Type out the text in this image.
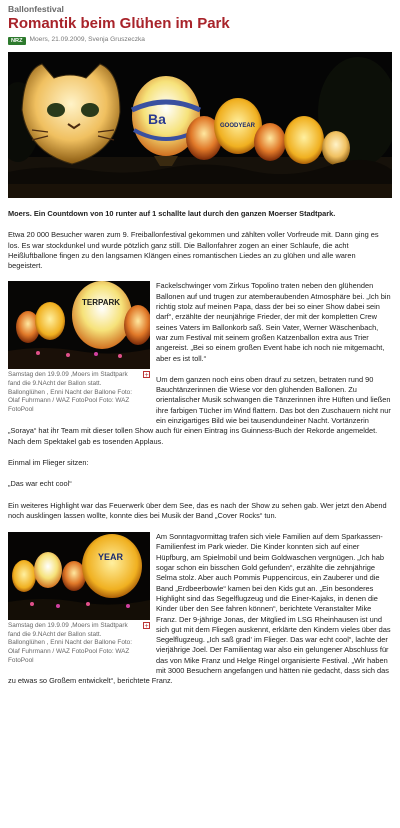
Ballonfestival
Romantik beim Glühen im Park
NRZ	Moers, 21.09.2009, Svenja Gruszeczka
Ba	GOODYEAR

Moers. Ein Countdown von 10 runter auf 1 schallte laut durch den ganzen Moerser Stadtpark.

Etwa 20 000 Besucher waren zum 9. Freiballonfestival gekommen und zählten voller Vorfreude mit. Dann ging es los. Es war stockdunkel und wurde pötzlich ganz still. Die Ballonfahrer zogen an einer Schlaufe, die acht Heißluftballone fingen zu den langsamen Klängen eines romantischen Liedes an zu glühen und alle waren begeistert.

TERPARK
Samstag den 19.9.09 ,Moers im Stadtpark fand die 9.NAcht der Ballon statt. Ballonglühen , Enni Nacht der Ballone Foto: Olaf Fuhrmann / WAZ FotoPool Foto: WAZ FotoPool
+

Fackelschwinger vom Zirkus Topolino traten neben den glühenden Ballonen auf und trugen zur atemberaubenden Atmosphäre bei. „Ich bin richtig stolz auf meinen Papa, dass der bei so einer Show dabei sein darf“, erzählte der neunjährige Frieder, der mit der kompletten Crew seines Vaters im Ballonkorb saß. Sein Vater, Werner Wäschenbach, war zum Festival mit seinem großen Katzenballon extra aus Trier angereist. „Bei so einem großen Event habe ich noch nie mitgemacht, aber es ist toll.“

Um dem ganzen noch eins oben drauf zu setzen, betraten rund 90 Bauchtänzerinnen die Wiese vor den glühenden Ballonen. Zu orientalischer Musik schwangen die Tänzerinnen ihre Hüften und ließen ihre farbigen Tücher im Wind flattern. Das bot den Zuschauern nicht nur ein einzigartiges Bild wie bei tausendundeiner Nacht. Vortänzerin „Soraya“ hat ihr Team mit dieser tollen Show auch für einen Eintrag ins Guinness-Buch der Rekorde angemeldet. Nach dem Spektakel gab es tosenden Applaus.

Einmal im Flieger sitzen:

„Das war echt cool“

Ein weiteres Highlight war das Feuerwerk über dem See, das es nach der Show zu sehen gab. Wer jetzt den Abend noch ausklingen lassen wollte, konnte dies bei Musik der Band „Cover Rocks“ tun.

YEAR
Samstag den 19.9.09 ,Moers im Stadtpark fand die 9.NAcht der Ballon statt. Ballonglühen , Enni Nacht der Ballone Foto: Olaf Fuhrmann / WAZ FotoPool Foto: WAZ FotoPool
+

Am Sonntagvormittag trafen sich viele Familien auf dem Sparkassen-Familienfest im Park wieder. Die Kinder konnten sich auf einer Hüpfburg, am Spielmobil und beim Goldwaschen vergnügen. „Ich hab sogar schon ein bisschen Gold gefunden“, erzählte die zehnjährige Selma stolz. Aber auch Pommis Puppencircus, ein Zauberer und die Band „Erdbeerbowle“ kamen bei den Kids gut an. „Ein besonderes Highlight sind das Segelflugzeug und die Einer-Kajaks, in denen die Kinder über den See fahren können“, berichtete Veranstalter Mike Franz. Der 9-jährige Jonas, der Mitglied im LSG Rheinhausen ist und sich gut mit dem Fliegen auskennt, erklärte den Kindern vieles über das Segelflugzeug. „Ich saß grad' im Flieger. Das war echt cool“, lachte der vierjährige Joel. Der Familientag war also ein gelungener Abschluss für das von Mike Franz und Helge Ringel organisierte Festival. „Wir haben mit 3000 Besuchern angefangen und hätten nie gedacht, dass sich das zu etwas so Großem entwickelt“, berichtete Franz.
